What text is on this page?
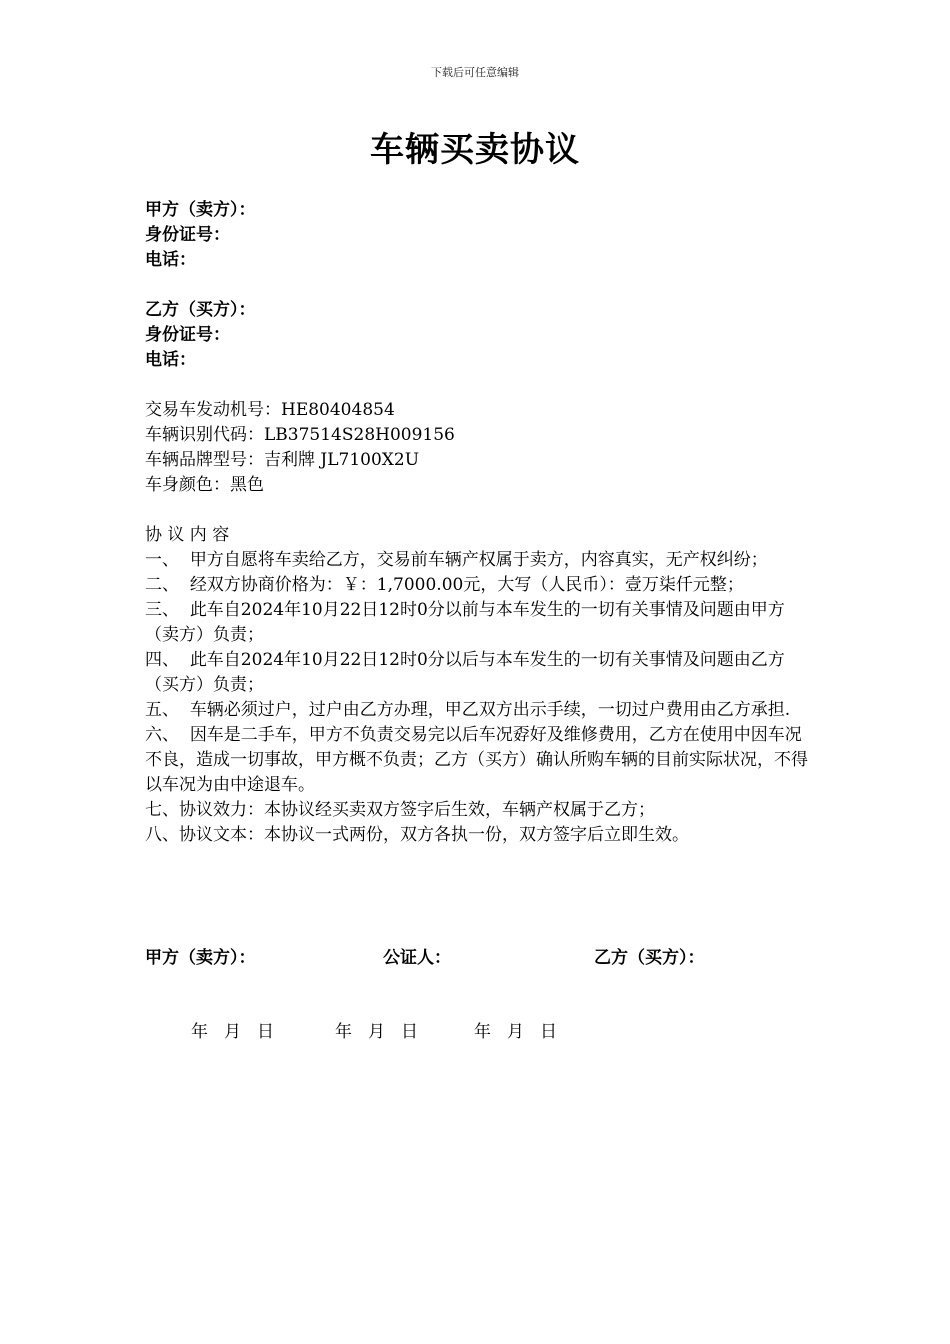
下载后可任意编辑
车辆买卖协议
甲方（卖方）：
身份证号：
电话：
乙方（买方）：
身份证号：
电话：
交易车发动机号：HE80404854
车辆识别代码：LB37514S28H009156
车辆品牌型号：吉利牌 JL7100X2U
车身颜色：黑色
协 议 内 容
一、 甲方自愿将车卖给乙方，交易前车辆产权属于卖方，内容真实，无产权纠纷；
二、 经双方协商价格为：￥：1,7000.00元，大写（人民币）：壹万柒仟元整；
三、 此车自2024年10月22日12时0分以前与本车发生的一切有关事情及问题由甲方（卖方）负责；
四、 此车自2024年10月22日12时0分以后与本车发生的一切有关事情及问题由乙方（买方）负责；
五、 车辆必须过户，过户由乙方办理，甲乙双方出示手续，一切过户费用由乙方承担.
六、 因车是二手车，甲方不负责交易完以后车况孬好及维修费用，乙方在使用中因车况不良，造成一切事故，甲方概不负责；乙方（买方）确认所购车辆的目前实际状况，不得以车况为由中途退车。
七、协议效力：本协议经买卖双方签字后生效，车辆产权属于乙方；
八、协议文本：本协议一式两份，双方各执一份，双方签字后立即生效。
甲方（卖方）：	公证人：	乙方（买方）：
年 月 日	年 月 日	年 月 日
